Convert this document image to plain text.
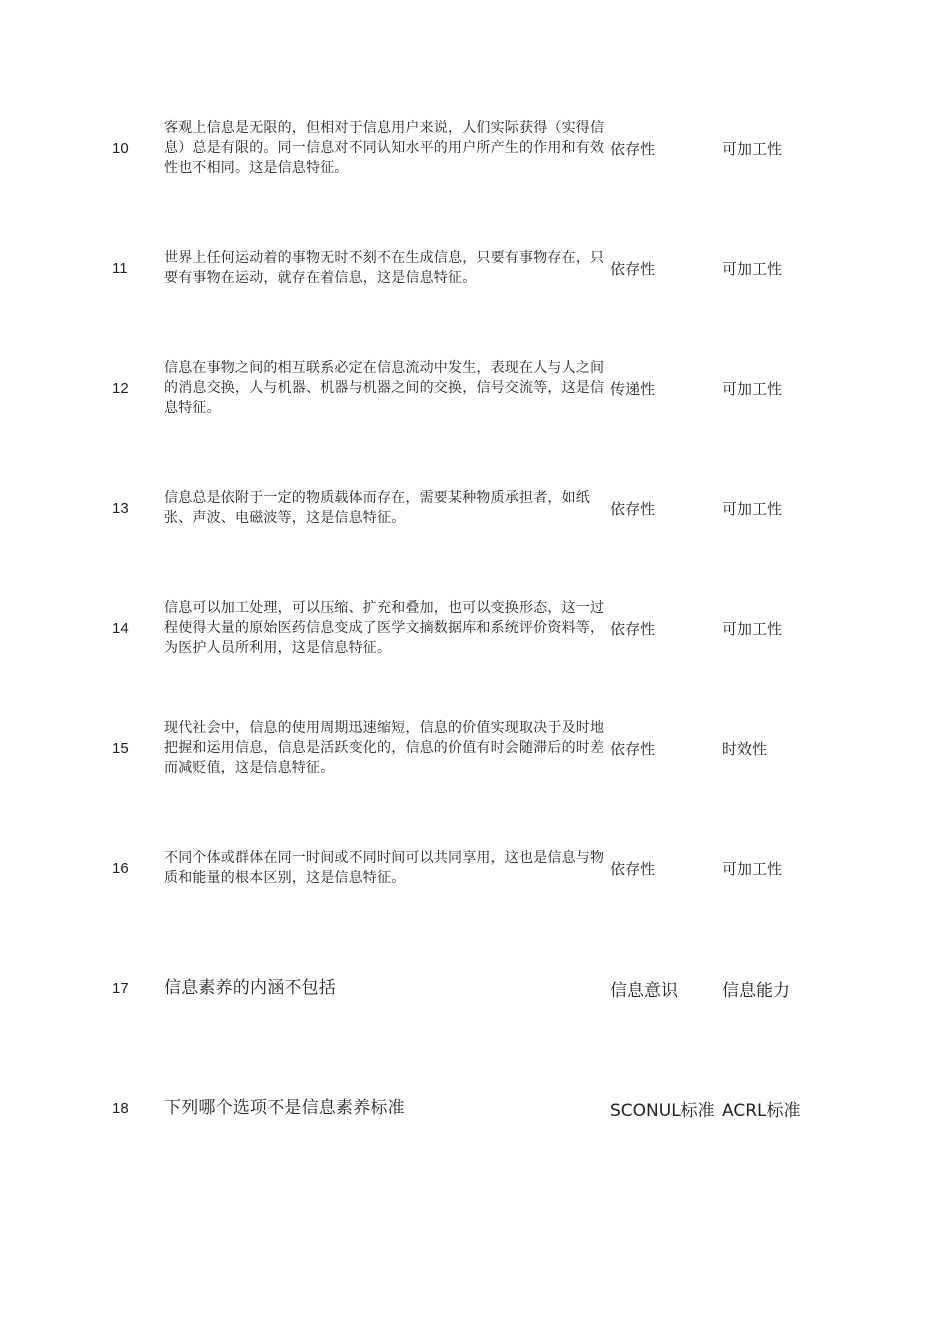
10
客观上信息是无限的，但相对于信息用户来说，人们实际获得（实得信息）总是有限的。同一信息对不同认知水平的用户所产生的作用和有效性也不相同。这是信息特征。
依存性	可加工性
11
世界上任何运动着的事物无时不刻不在生成信息，只要有事物存在，只要有事物在运动，就存在着信息，这是信息特征。
依存性	可加工性
12
信息在事物之间的相互联系必定在信息流动中发生，表现在人与人之间的消息交换，人与机器、机器与机器之间的交换，信号交流等，这是信息特征。
传递性	可加工性
13
信息总是依附于一定的物质载体而存在，需要某种物质承担者，如纸张、声波、电磁波等，这是信息特征。
依存性	可加工性
14
信息可以加工处理，可以压缩、扩充和叠加，也可以变换形态，这一过程使得大量的原始医药信息变成了医学文摘数据库和系统评价资料等，为医护人员所利用，这是信息特征。
依存性	可加工性
15
现代社会中，信息的使用周期迅速缩短，信息的价值实现取决于及时地把握和运用信息，信息是活跃变化的，信息的价值有时会随滞后的时差而减贬值，这是信息特征。
依存性	时效性
16
不同个体或群体在同一时间或不同时间可以共同享用，这也是信息与物质和能量的根本区别，这是信息特征。
依存性	可加工性
17	信息素养的内涵不包括	信息意识	信息能力
18	下列哪个选项不是信息素养标准	SCONUL标准 ACRL标准
